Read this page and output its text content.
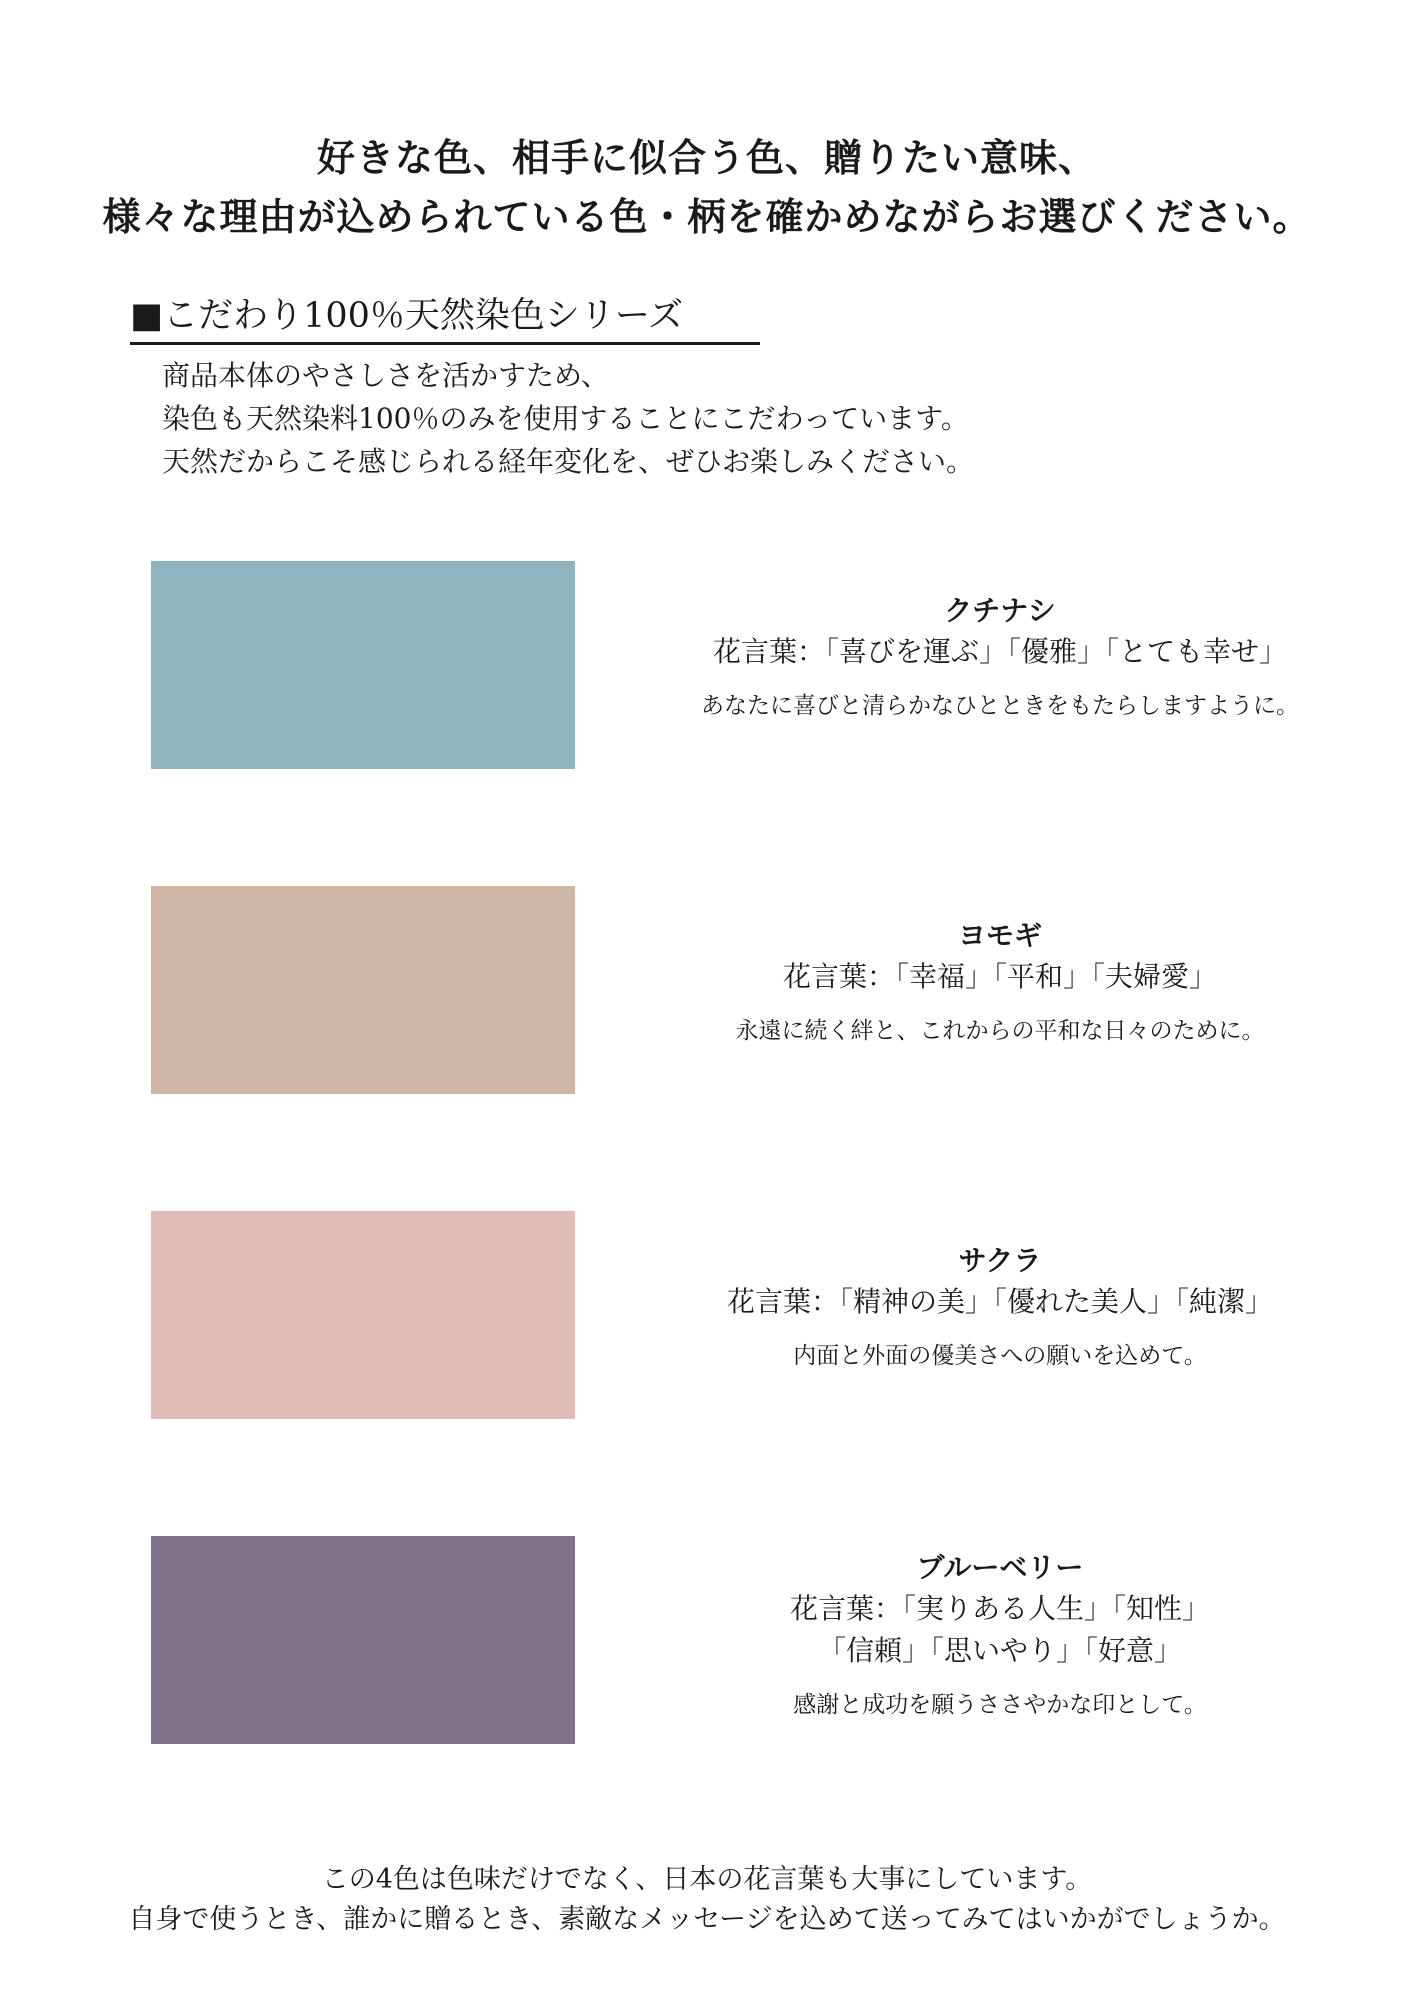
好きな色、相手に似合う色、贈りたい意味、
様々な理由が込められている色・柄を確かめながらお選びください。
■こだわり100％天然染色シリーズ
商品本体のやさしさを活かすため、
染色も天然染料100％のみを使用することにこだわっています。
天然だからこそ感じられる経年変化を、ぜひお楽しみください。
クチナシ
花言葉：「喜びを運ぶ」「優雅」「とても幸せ」
あなたに喜びと清らかなひとときをもたらしますように。
ヨモギ
花言葉：「幸福」「平和」「夫婦愛」
永遠に続く絆と、これからの平和な日々のために。
サクラ
花言葉：「精神の美」「優れた美人」「純潔」
内面と外面の優美さへの願いを込めて。
ブルーベリー
花言葉：「実りある人生」「知性」
「信頼」「思いやり」「好意」
感謝と成功を願うささやかな印として。
この4色は色味だけでなく、日本の花言葉も大事にしています。
自身で使うとき、誰かに贈るとき、素敵なメッセージを込めて送ってみてはいかがでしょうか。
